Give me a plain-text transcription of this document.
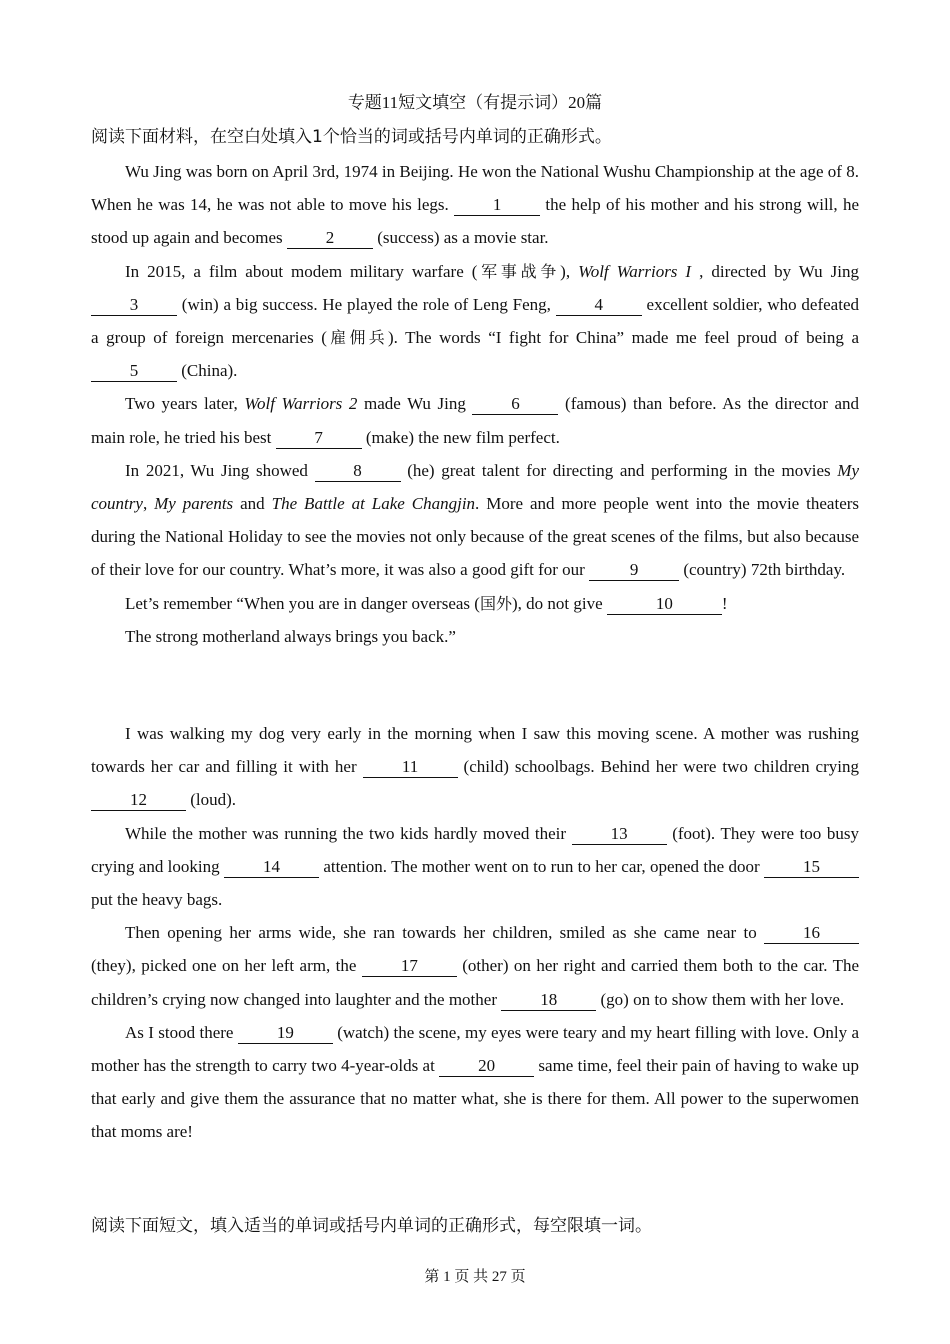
专题11短文填空（有提示词）20篇
阅读下面材料，在空白处填入1个恰当的词或括号内单词的正确形式。

Wu Jing was born on April 3rd, 1974 in Beijing. He won the National Wushu Championship at the age of 8. When he was 14, he was not able to move his legs. 1 the help of his mother and his strong will, he stood up again and becomes 2 (success) as a movie star.

In 2015, a film about modem military warfare (军事战争), Wolf Warriors I , directed by Wu Jing 3 (win) a big success. He played the role of Leng Feng, 4 excellent soldier, who defeated a group of foreign mercenaries (雇佣兵). The words “I fight for China” made me feel proud of being a 5 (China).

Two years later, Wolf Warriors 2 made Wu Jing 6 (famous) than before. As the director and main role, he tried his best 7 (make) the new film perfect.

In 2021, Wu Jing showed 8 (he) great talent for directing and performing in the movies My country, My parents and The Battle at Lake Changjin. More and more people went into the movie theaters during the National Holiday to see the movies not only because of the great scenes of the films, but also because of their love for our country. What’s more, it was also a good gift for our 9 (country) 72th birthday.

Let’s remember “When you are in danger overseas (国外), do not give	10	!

The strong motherland always brings you back.”

I was walking my dog very early in the morning when I saw this moving scene. A mother was rushing towards her car and filling it with her 11 (child) schoolbags. Behind her were two children crying 12 (loud).

While the mother was running the two kids hardly moved their 13 (foot). They were too busy crying and looking 14 attention. The mother went on to run to her car, opened the door 15 put the heavy bags.

Then opening her arms wide, she ran towards her children, smiled as she came near to 16 (they), picked one on her left arm, the 17 (other) on her right and carried them both to the car. The children’s crying now changed into laughter and the mother 18 (go) on to show them with her love.

As I stood there 19 (watch) the scene, my eyes were teary and my heart filling with love. Only a mother has the strength to carry two 4-year-olds at 20 same time, feel their pain of having to wake up that early and give them the assurance that no matter what, she is there for them. All power to the superwomen that moms are!

阅读下面短文，填入适当的单词或括号内单词的正确形式，每空限填一词。
第 1 页 共 27 页
